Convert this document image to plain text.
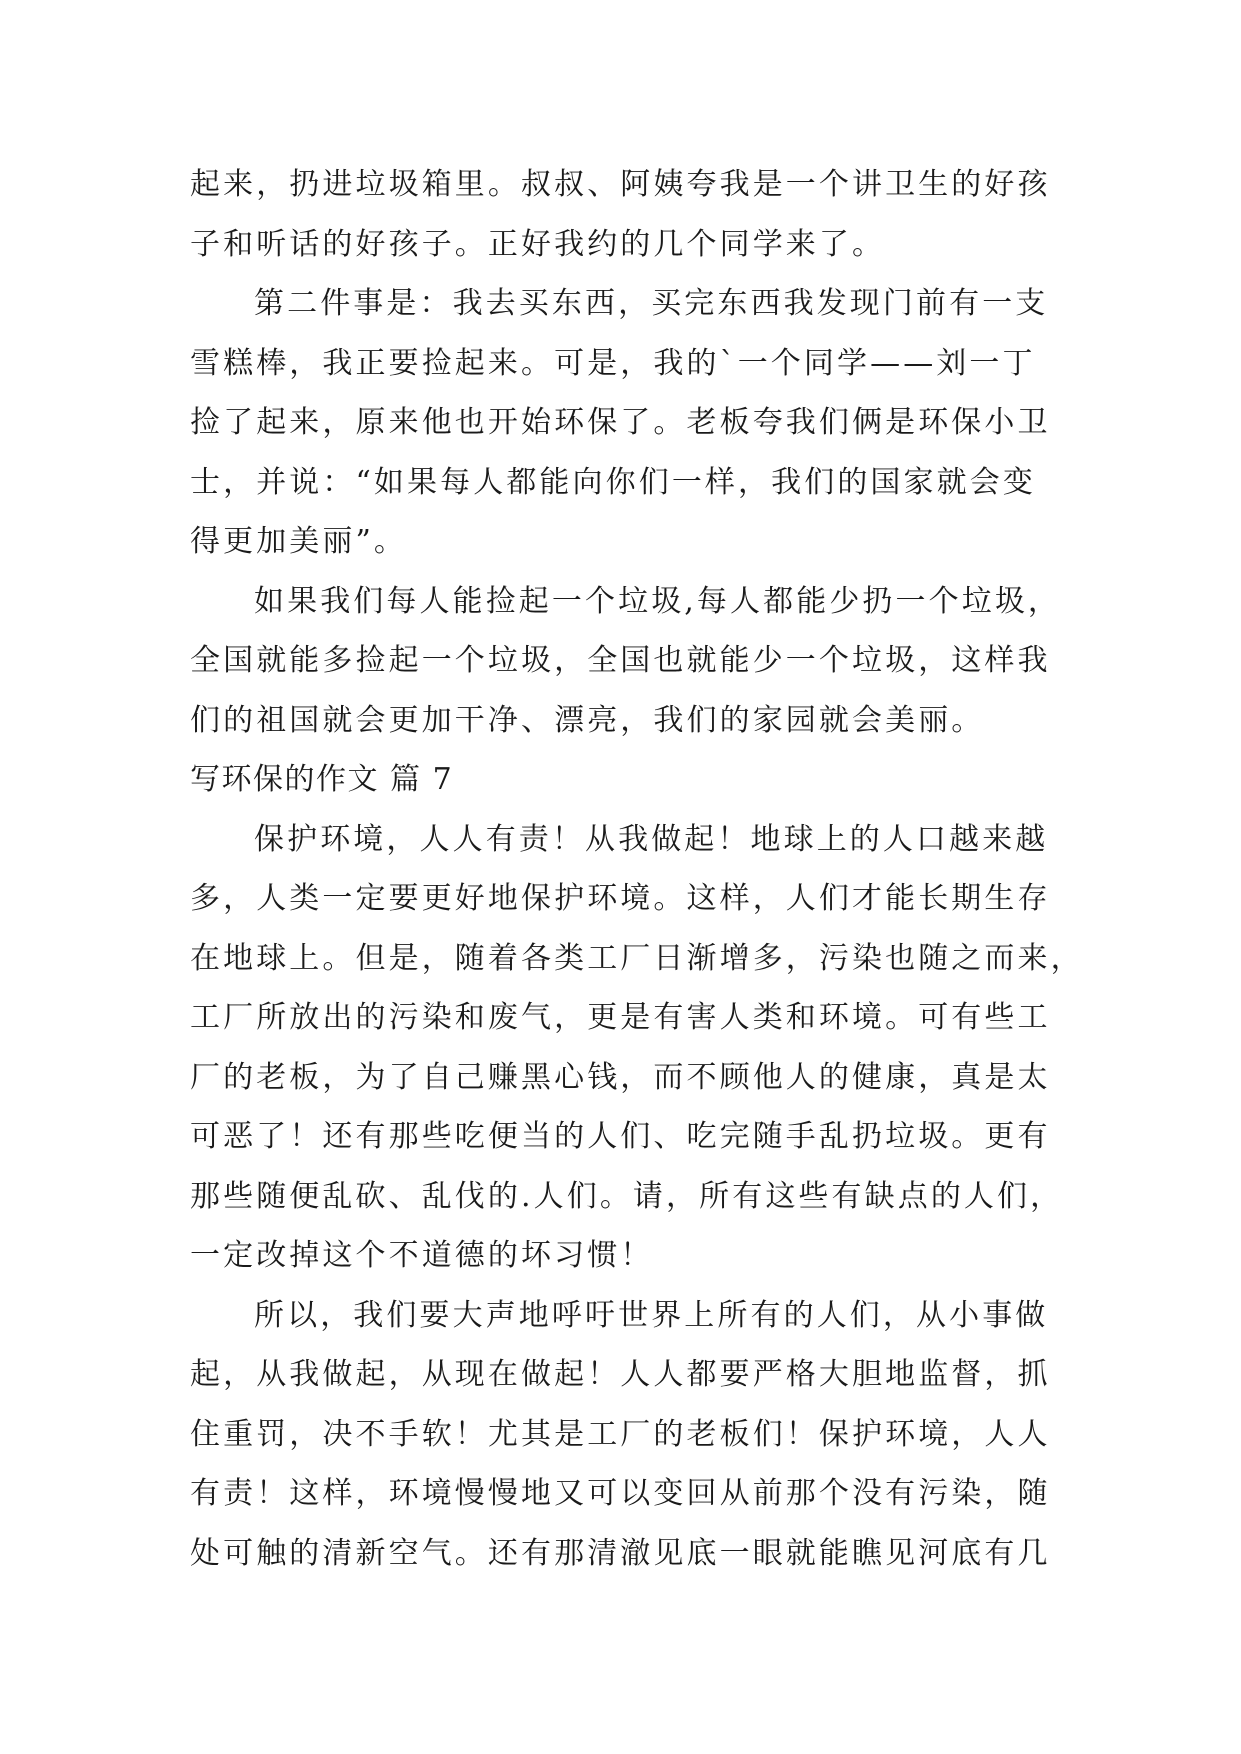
起来，扔进垃圾箱里。叔叔、阿姨夸我是一个讲卫生的好孩
子和听话的好孩子。正好我约的几个同学来了。
第二件事是：我去买东西，买完东西我发现门前有一支
雪糕棒，我正要捡起来。可是，我的`一个同学——刘一丁
捡了起来，原来他也开始环保了。老板夸我们俩是环保小卫
士，并说：“如果每人都能向你们一样，我们的国家就会变
得更加美丽”。
如果我们每人能捡起一个垃圾,每人都能少扔一个垃圾，
全国就能多捡起一个垃圾，全国也就能少一个垃圾，这样我
们的祖国就会更加干净、漂亮，我们的家园就会美丽。
写环保的作文 篇 7
保护环境，人人有责！从我做起！地球上的人口越来越
多，人类一定要更好地保护环境。这样，人们才能长期生存
在地球上。但是，随着各类工厂日渐增多，污染也随之而来，
工厂所放出的污染和废气，更是有害人类和环境。可有些工
厂的老板，为了自己赚黑心钱，而不顾他人的健康，真是太
可恶了！还有那些吃便当的人们、吃完随手乱扔垃圾。更有
那些随便乱砍、乱伐的.人们。请，所有这些有缺点的人们，
一定改掉这个不道德的坏习惯！
所以，我们要大声地呼吁世界上所有的人们，从小事做
起，从我做起，从现在做起！人人都要严格大胆地监督，抓
住重罚，决不手软！尤其是工厂的老板们！保护环境，人人
有责！这样，环境慢慢地又可以变回从前那个没有污染，随
处可触的清新空气。还有那清澈见底一眼就能瞧见河底有几
